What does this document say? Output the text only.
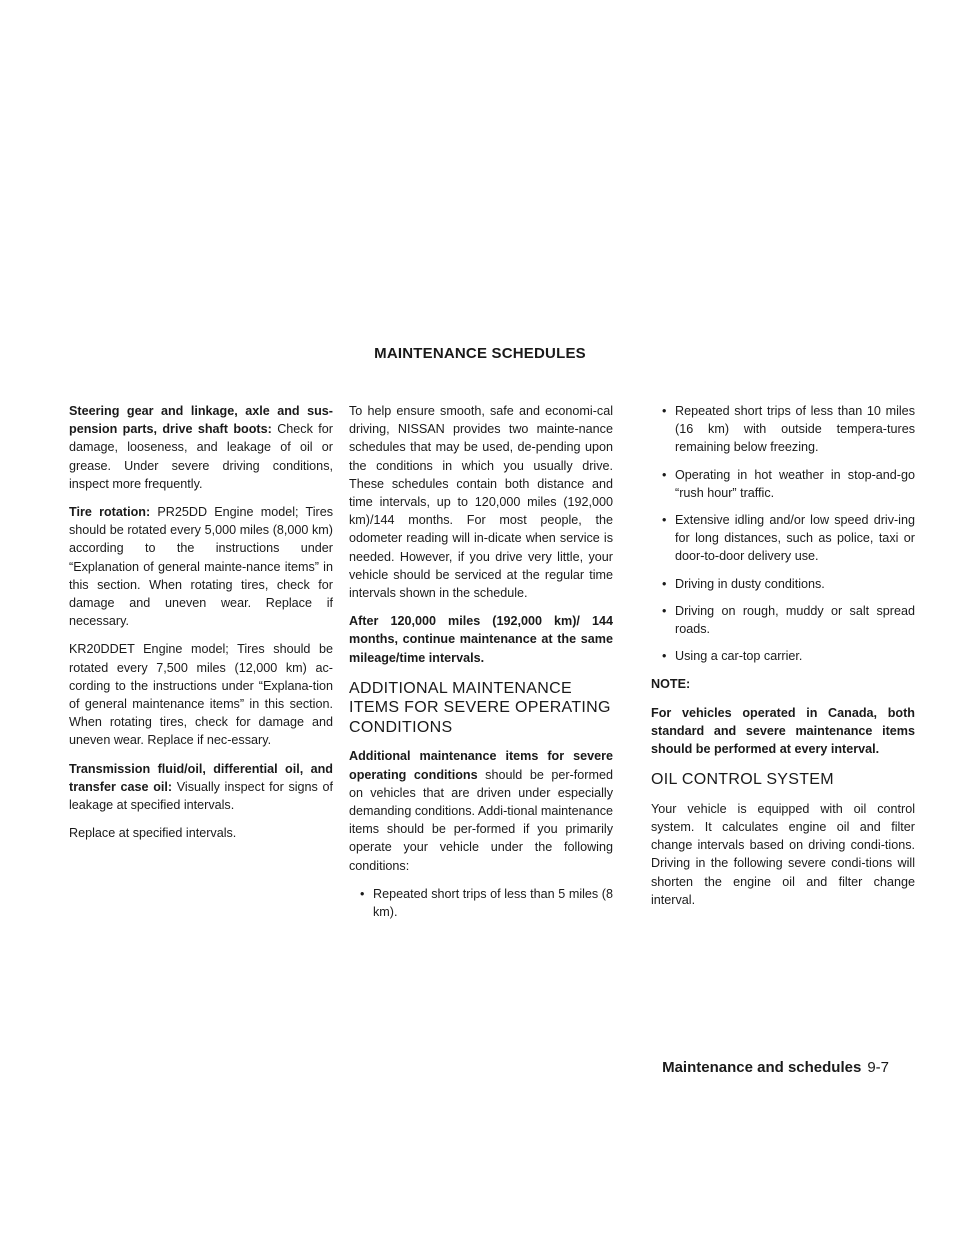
MAINTENANCE SCHEDULES

Steering gear and linkage, axle and sus-pension parts, drive shaft boots: Check for damage, looseness, and leakage of oil or grease. Under severe driving conditions, inspect more frequently.

Tire rotation: PR25DD Engine model; Tires should be rotated every 5,000 miles (8,000 km) according to the instructions under “Explanation of general mainte-nance items” in this section. When rotating tires, check for damage and uneven wear. Replace if necessary.

KR20DDET Engine model; Tires should be rotated every 7,500 miles (12,000 km) ac-cording to the instructions under “Explana-tion of general maintenance items” in this section. When rotating tires, check for damage and uneven wear. Replace if nec-essary.

Transmission fluid/oil, differential oil, and transfer case oil: Visually inspect for signs of leakage at specified intervals.

Replace at specified intervals.

To help ensure smooth, safe and economi-cal driving, NISSAN provides two mainte-nance schedules that may be used, de-pending upon the conditions in which you usually drive. These schedules contain both distance and time intervals, up to 120,000 miles (192,000 km)/144 months. For most people, the odometer reading will in-dicate when service is needed. However, if you drive very little, your vehicle should be serviced at the regular time intervals shown in the schedule.

After 120,000 miles (192,000 km)/ 144 months, continue maintenance at the same mileage/time intervals.

ADDITIONAL MAINTENANCE ITEMS FOR SEVERE OPERATING CONDITIONS

Additional maintenance items for severe operating conditions should be per-formed on vehicles that are driven under especially demanding conditions. Addi-tional maintenance items should be per-formed if you primarily operate your vehicle under the following conditions:

• Repeated short trips of less than 5 miles (8 km).
• Repeated short trips of less than 10 miles (16 km) with outside tempera-tures remaining below freezing.
• Operating in hot weather in stop-and-go “rush hour” traffic.
• Extensive idling and/or low speed driv-ing for long distances, such as police, taxi or door-to-door delivery use.
• Driving in dusty conditions.
• Driving on rough, muddy or salt spread roads.
• Using a car-top carrier.

NOTE:

For vehicles operated in Canada, both standard and severe maintenance items should be performed at every interval.

OIL CONTROL SYSTEM

Your vehicle is equipped with oil control system. It calculates engine oil and filter change intervals based on driving condi-tions. Driving in the following severe condi-tions will shorten the engine oil and filter change interval.

Maintenance and schedules 9-7
